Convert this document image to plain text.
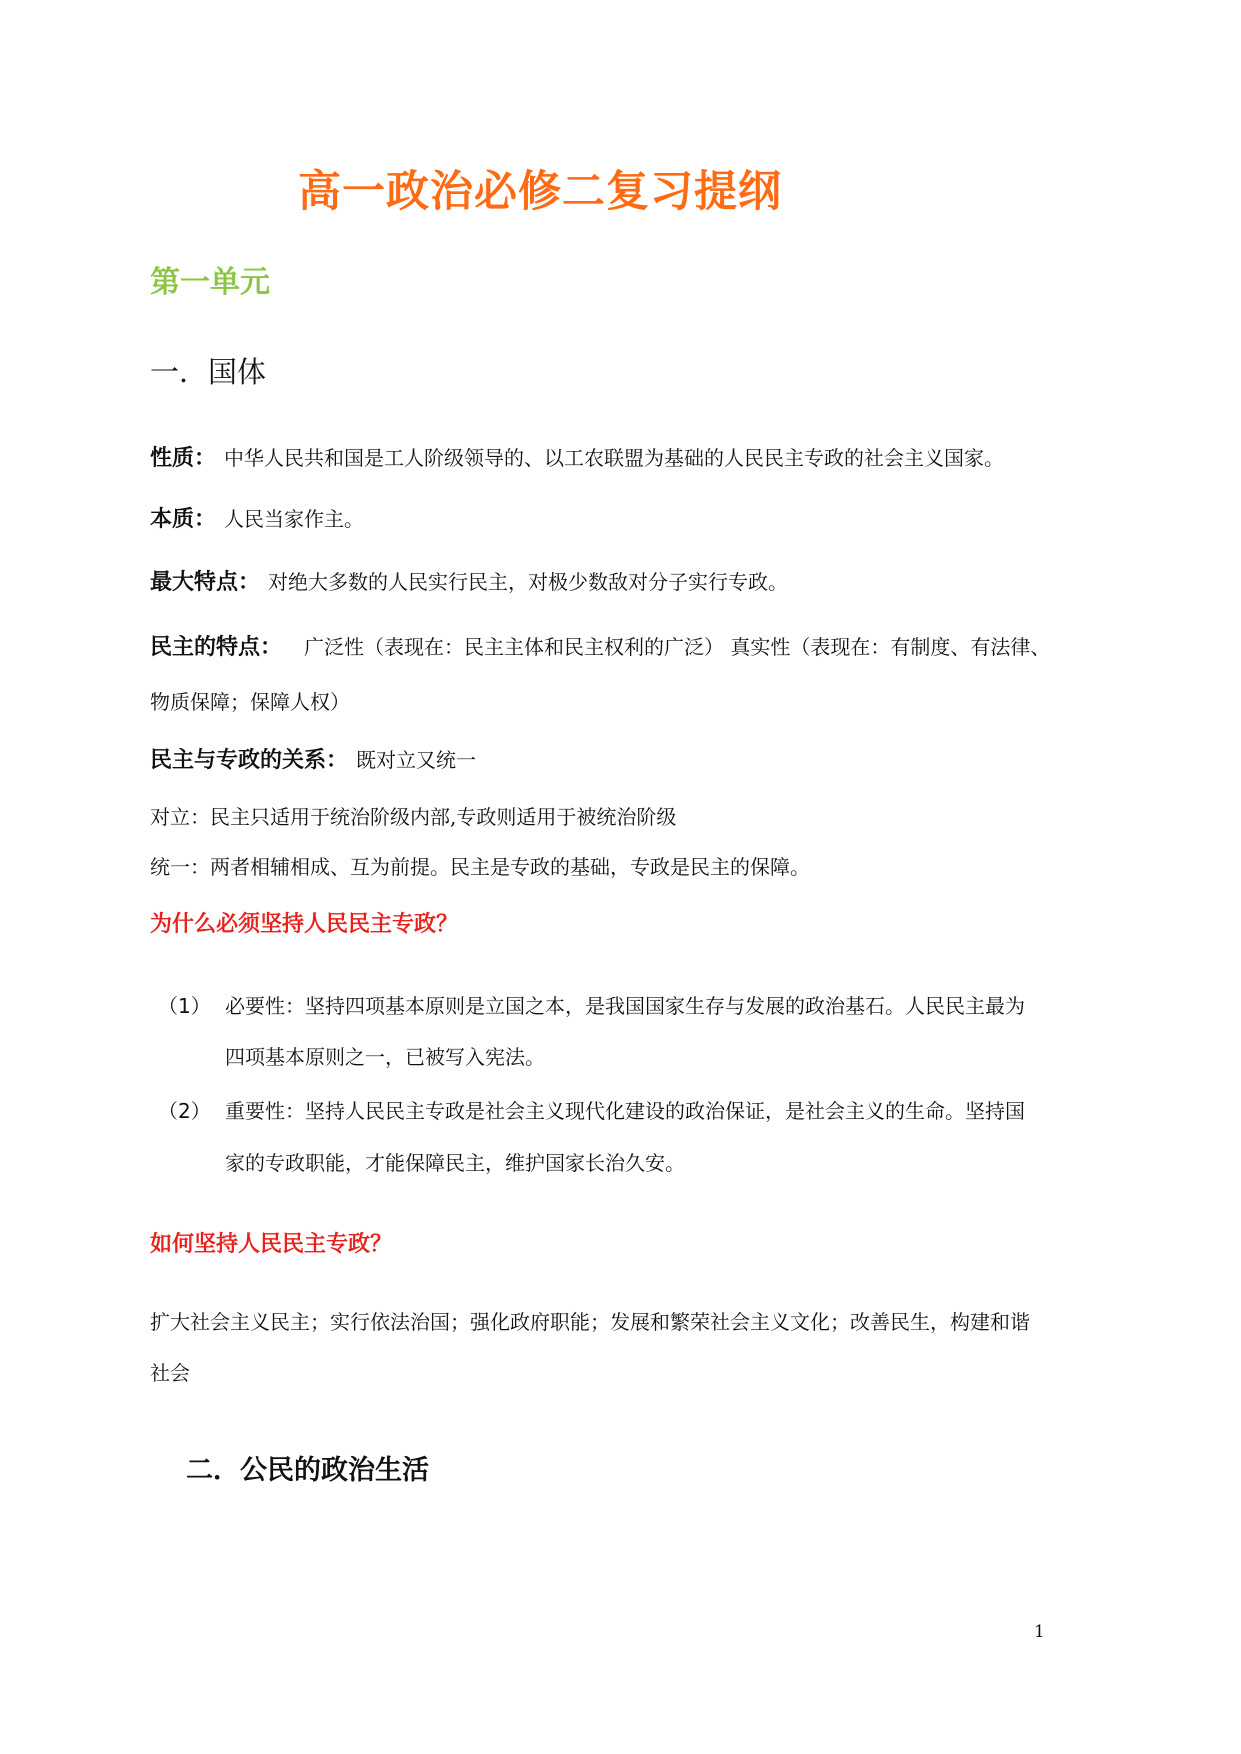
高一政治必修二复习提纲
第一单元
一．国体
性质： 中华人民共和国是工人阶级领导的、以工农联盟为基础的人民民主专政的社会主义国家。
本质： 人民当家作主。
最大特点： 对绝大多数的人民实行民主，对极少数敌对分子实行专政。
民主的特点： 广泛性（表现在：民主主体和民主权利的广泛） 真实性（表现在：有制度、有法律、
物质保障；保障人权）
民主与专政的关系： 既对立又统一
对立：民主只适用于统治阶级内部,专政则适用于被统治阶级
统一：两者相辅相成、互为前提。民主是专政的基础，专政是民主的保障。
为什么必须坚持人民民主专政？
（1） 必要性：坚持四项基本原则是立国之本，是我国国家生存与发展的政治基石。人民民主最为
四项基本原则之一，已被写入宪法。
（2） 重要性：坚持人民民主专政是社会主义现代化建设的政治保证，是社会主义的生命。坚持国
家的专政职能，才能保障民主，维护国家长治久安。
如何坚持人民民主专政？
扩大社会主义民主；实行依法治国；强化政府职能；发展和繁荣社会主义文化；改善民生，构建和谐
社会
二．公民的政治生活
1
